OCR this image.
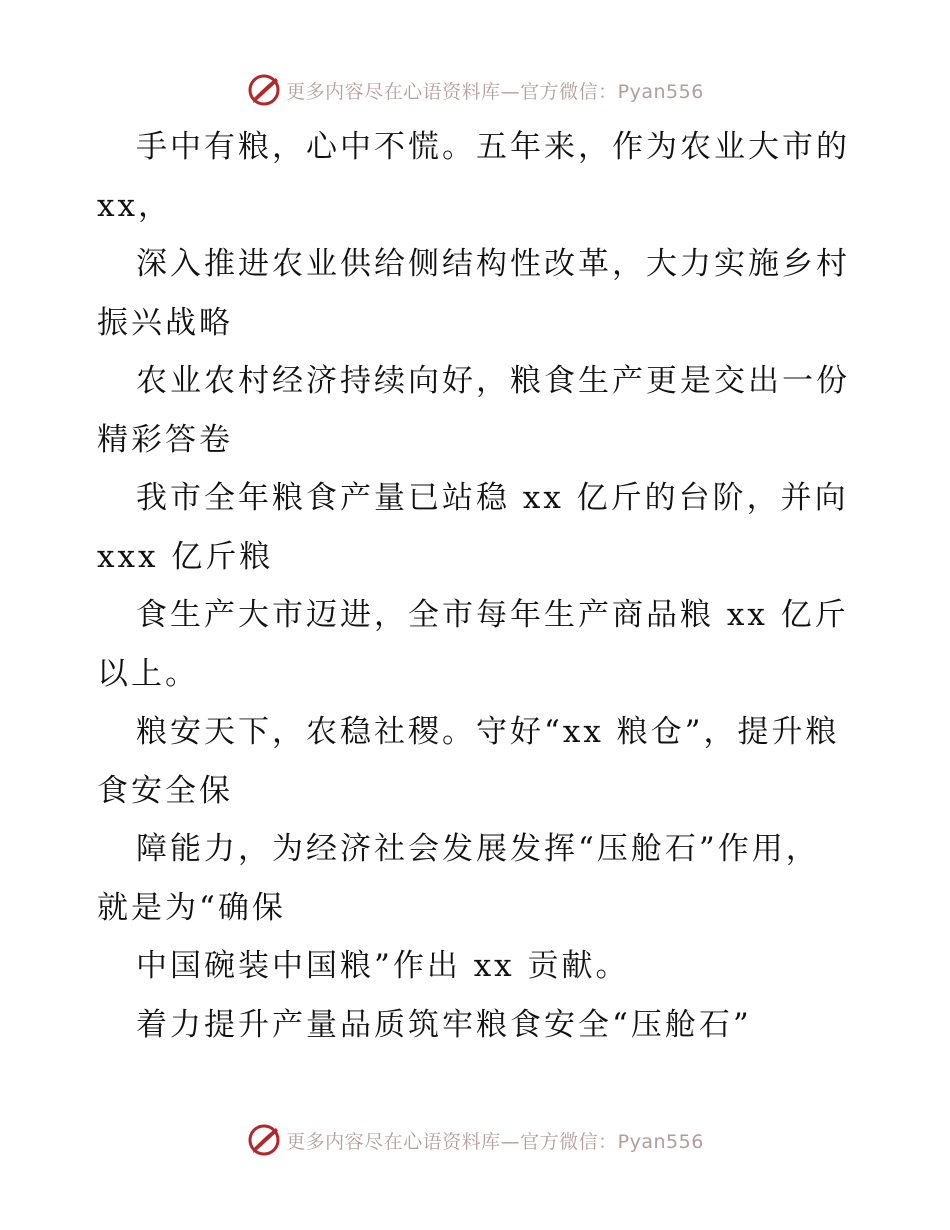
更多内容尽在心语资料库—官方微信：Pyan556

手中有粮，心中不慌。五年来，作为农业大市的xx，

深入推进农业供给侧结构性改革，大力实施乡村振兴战略

农业农村经济持续向好，粮食生产更是交出一份精彩答卷

我市全年粮食产量已站稳 xx 亿斤的台阶，并向 xxx 亿斤粮

食生产大市迈进，全市每年生产商品粮 xx 亿斤以上。

粮安天下，农稳社稷。守好“xx 粮仓”，提升粮食安全保

障能力，为经济社会发展发挥“压舱石”作用，就是为“确保

中国碗装中国粮”作出 xx 贡献。

着力提升产量品质筑牢粮食安全“压舱石”

更多内容尽在心语资料库—官方微信：Pyan556
